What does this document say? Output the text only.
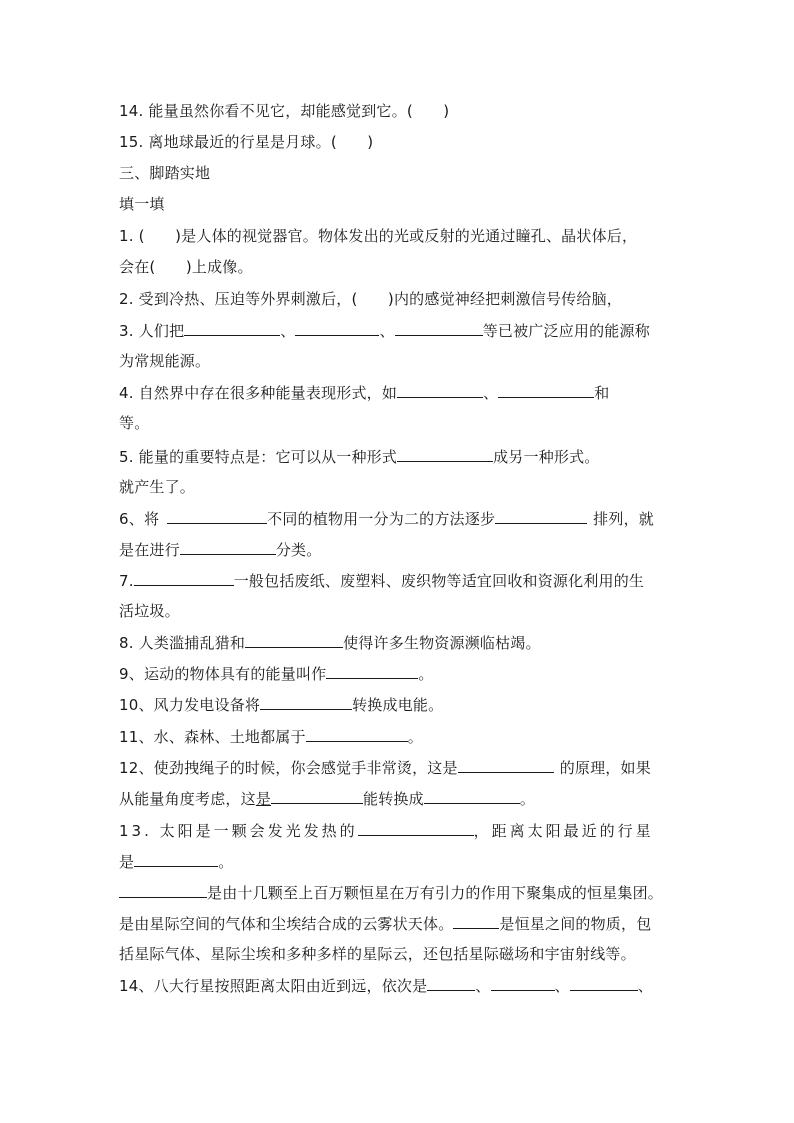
14. 能量虽然你看不见它，却能感觉到它。(　　)
15. 离地球最近的行星是月球。(　　)
三、脚踏实地
填一填
1. (　　)是人体的视觉器官。物体发出的光或反射的光通过瞳孔、晶状体后，
会在(　　)上成像。
2. 受到冷热、压迫等外界刺激后，(　　)内的感觉神经把刺激信号传给脑，
3. 人们把	、	、	等已被广泛应用的能源称
为常规能源。
4. 自然界中存在很多种能量表现形式，如	、	和
等。
5. 能量的重要特点是：它可以从一种形式	成另一种形式。
就产生了。
6、将	不同的植物用一分为二的方法逐步	排列，就
是在进行	分类。
7.	一般包括废纸、废塑料、废织物等适宜回收和资源化利用的生
活垃圾。
8. 人类滥捕乱猎和	使得许多生物资源濒临枯竭。
9、运动的物体具有的能量叫作	。
10、风力发电设备将	转换成电能。
11、水、森林、土地都属于	。
12、使劲拽绳子的时候，你会感觉手非常烫，这是	的原理，如果
从能量角度考虑，这是	能转换成	。
13. 太阳是一颗会发光发热的	，距离太阳最近的行星
是	。
是由十几颗至上百万颗恒星在万有引力的作用下聚集成的恒星集团。
是由星际空间的气体和尘埃结合成的云雾状天体。	是恒星之间的物质，包
括星际气体、星际尘埃和多种多样的星际云，还包括星际磁场和宇宙射线等。
14、八大行星按照距离太阳由近到远，依次是	、	、	、
